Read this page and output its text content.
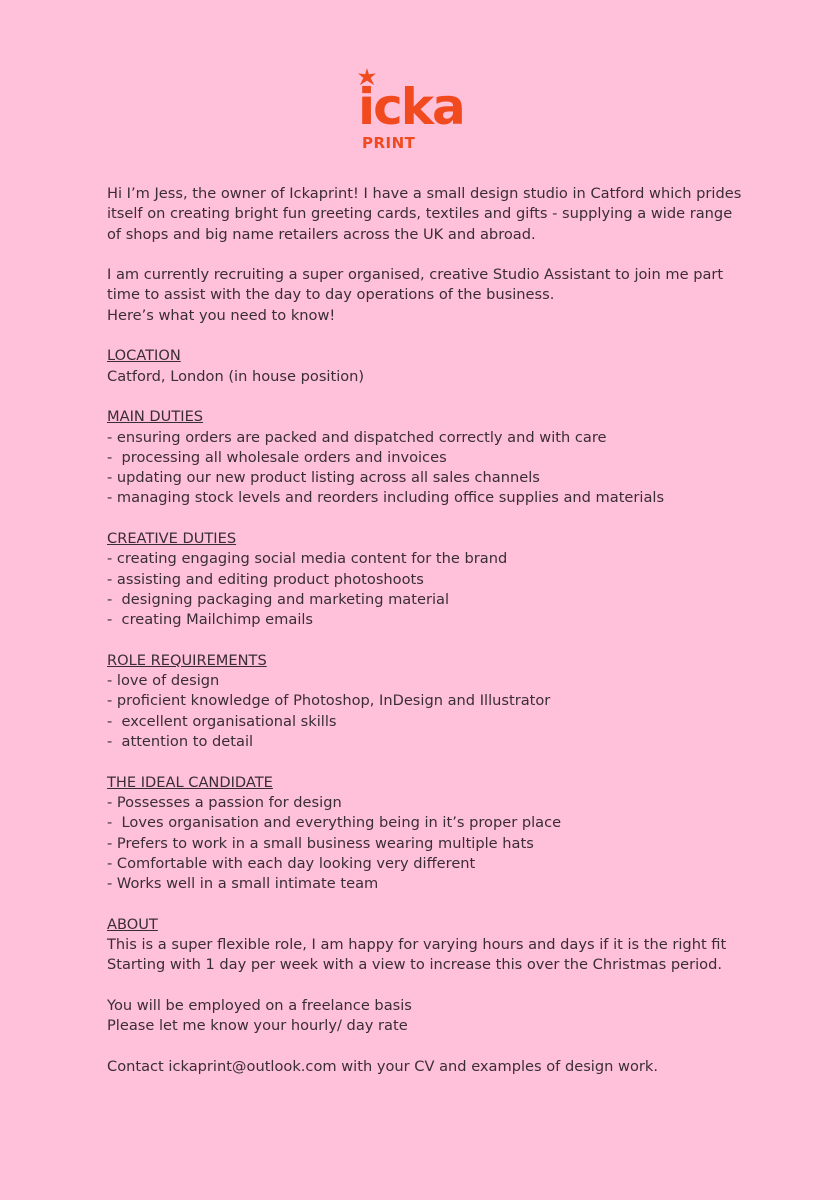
icka
PRINT

Hi I’m Jess, the owner of Ickaprint! I have a small design studio in Catford which prides itself on creating bright fun greeting cards, textiles and gifts - supplying a wide range of shops and big name retailers across the UK and abroad.

I am currently recruiting a super organised, creative Studio Assistant to join me part time to assist with the day to day operations of the business.
Here’s what you need to know!
LOCATION
Catford, London (in house position)
MAIN DUTIES
- ensuring orders are packed and dispatched correctly and with care
-  processing all wholesale orders and invoices
- updating our new product listing across all sales channels
- managing stock levels and reorders including office supplies and materials
CREATIVE DUTIES
- creating engaging social media content for the brand
- assisting and editing product photoshoots
-  designing packaging and marketing material
-  creating Mailchimp emails
ROLE REQUIREMENTS
- love of design
- proficient knowledge of Photoshop, InDesign and Illustrator
-  excellent organisational skills
-  attention to detail
THE IDEAL CANDIDATE
- Possesses a passion for design
-  Loves organisation and everything being in it’s proper place
- Prefers to work in a small business wearing multiple hats
- Comfortable with each day looking very different
- Works well in a small intimate team
ABOUT
This is a super flexible role, I am happy for varying hours and days if it is the right fit
Starting with 1 day per week with a view to increase this over the Christmas period.
You will be employed on a freelance basis
Please let me know your hourly/ day rate

Contact ickaprint@outlook.com with your CV and examples of design work.
